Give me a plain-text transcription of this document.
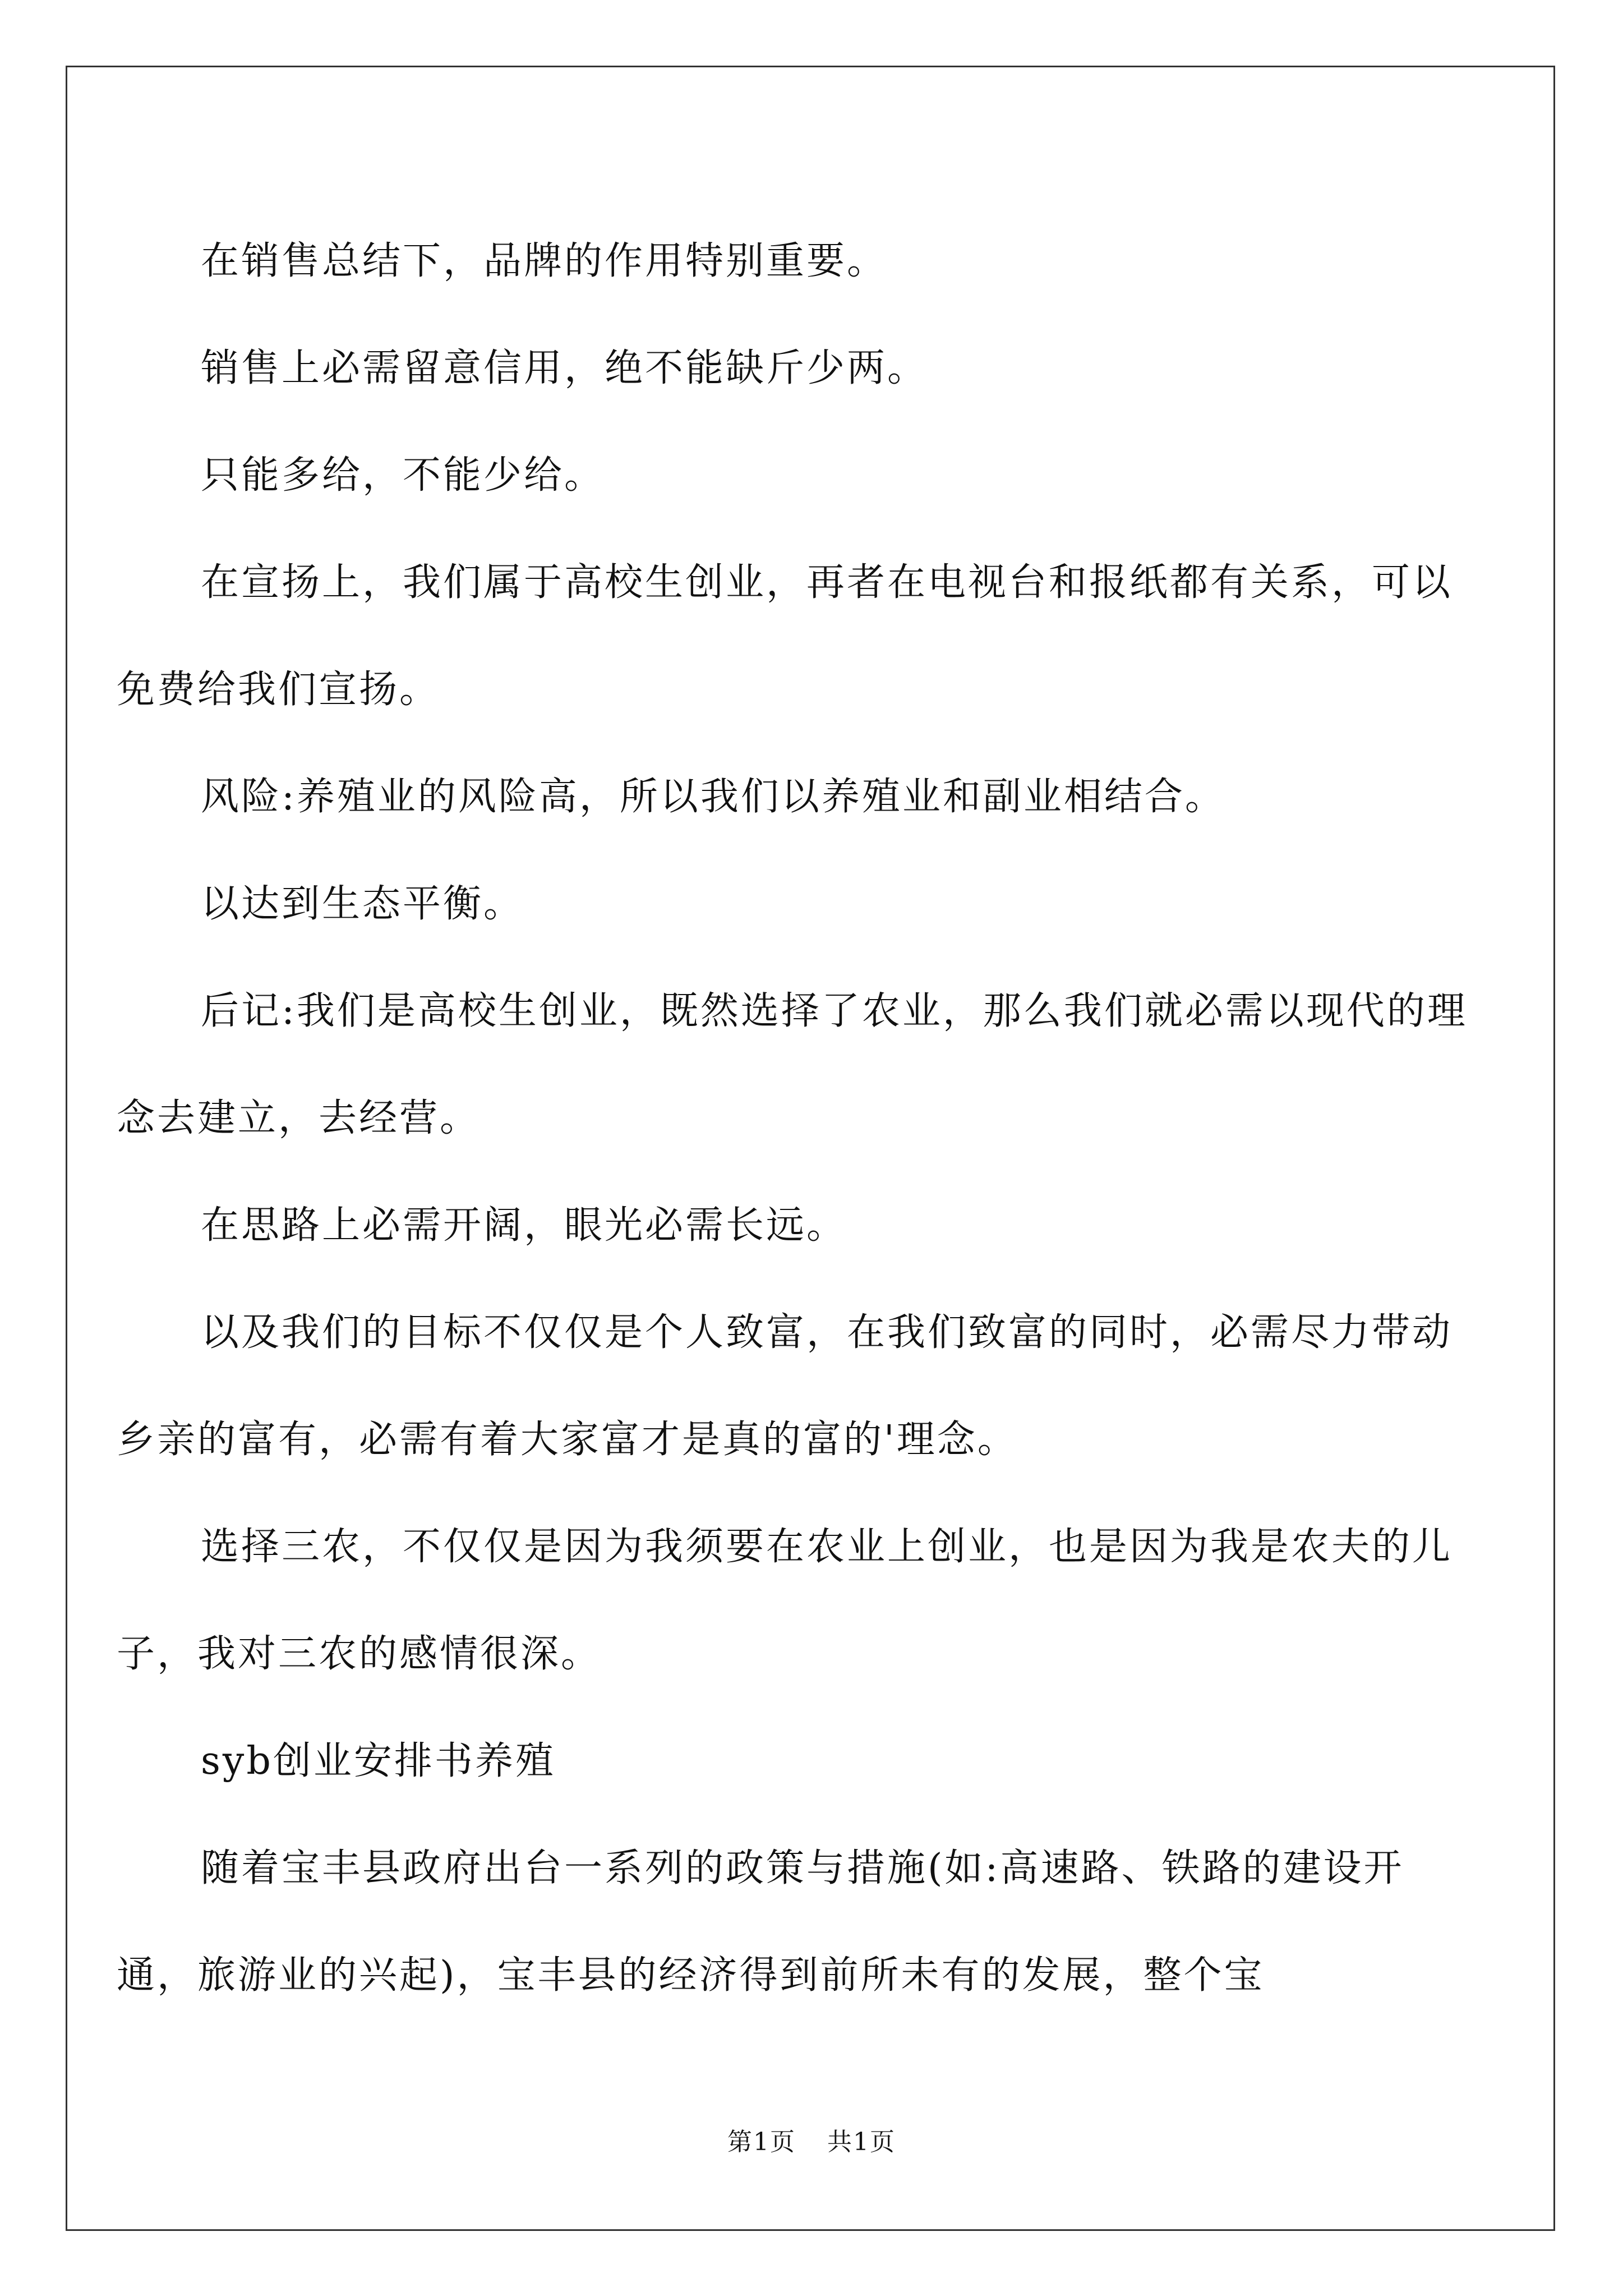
在销售总结下，品牌的作用特别重要。

销售上必需留意信用，绝不能缺斤少两。

只能多给，不能少给。

在宣扬上，我们属于高校生创业，再者在电视台和报纸都有关系，可以免费给我们宣扬。

风险:养殖业的风险高，所以我们以养殖业和副业相结合。

以达到生态平衡。

后记:我们是高校生创业，既然选择了农业，那么我们就必需以现代的理念去建立，去经营。

在思路上必需开阔，眼光必需长远。

以及我们的目标不仅仅是个人致富，在我们致富的同时，必需尽力带动乡亲的富有，必需有着大家富才是真的富的'理念。

选择三农，不仅仅是因为我须要在农业上创业，也是因为我是农夫的儿子，我对三农的感情很深。

syb创业安排书养殖

随着宝丰县政府出台一系列的政策与措施(如:高速路、铁路的建设开通，旅游业的兴起)，宝丰县的经济得到前所未有的发展，整个宝

第1页 共1页
